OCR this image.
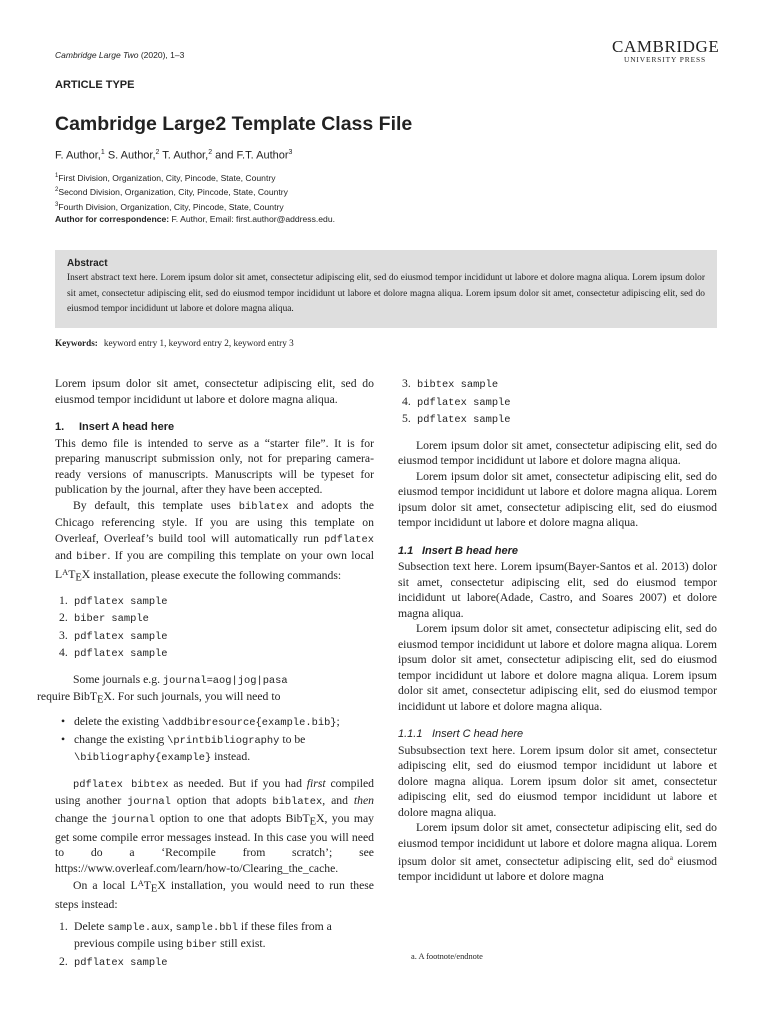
Cambridge Large Two (2020), 1–3	CAMBRIDGE
UNIVERSITY PRESS
ARTICLE TYPE
Cambridge Large2 Template Class File
F. Author,$^1$ S. Author,$^2$ T. Author,$^2$ and F.T. Author$^3$
$^1$First Division, Organization, City, Pincode, State, Country
$^2$Second Division, Organization, City, Pincode, State, Country
$^3$Fourth Division, Organization, City, Pincode, State, Country
Author for correspondence: F. Author, Email: first.author@address.edu.
Abstract
Insert abstract text here. Lorem ipsum dolor sit amet, consectetur adipiscing elit, sed do eiusmod tempor incididunt ut labore et dolore magna aliqua. Lorem ipsum dolor sit amet, consectetur adipiscing elit, sed do eiusmod tempor incididunt ut labore et dolore magna aliqua. Lorem ipsum dolor sit amet, consectetur adipiscing elit, sed do eiusmod tempor incididunt ut labore et dolore magna aliqua.
Keywords: keyword entry 1, keyword entry 2, keyword entry 3

Lorem ipsum dolor sit amet, consectetur adipiscing elit, sed do eiusmod tempor incididunt ut labore et dolore magna aliqua.

1. Insert A head here

This demo file is intended to serve as a “starter file”. It is for preparing manuscript submission only, not for preparing camera-ready versions of manuscripts. Manuscripts will be typeset for publication by the journal, after they have been accepted.

By default, this template uses biblatex and adopts the Chicago referencing style. If you are using this template on Overleaf, Overleaf’s build tool will automatically run pdflatex and biber. If you are compiling this template on your own local $L^AT_EX$ installation, please execute the following commands:

1. pdflatex sample
2. biber sample
3. pdflatex sample
4. pdflatex sample

Some journals e.g. journal=aog|jog|pasa
require BibT$_E$X. For such journals, you will need to

• delete the existing \addbibresource{example.bib};
• change the existing \printbibliography to be \bibliography{example} instead.

pdflatex bibtex as needed. But if you had first compiled using another journal option that adopts biblatex, and then change the journal option to one that adopts BibT$_E$X, you may get some compile error messages instead. In this case you will need to do a ‘Recompile from scratch’; see https://www.overleaf.com/learn/how-to/Clearing_the_cache.

On a local $L^AT_EX$ installation, you would need to run these steps instead:

1. Delete sample.aux, sample.bbl if these files from a previous compile using biber still exist.
2. pdflatex sample
3. bibtex sample
4. pdflatex sample
5. pdflatex sample

Lorem ipsum dolor sit amet, consectetur adipiscing elit, sed do eiusmod tempor incididunt ut labore et dolore magna aliqua.

Lorem ipsum dolor sit amet, consectetur adipiscing elit, sed do eiusmod tempor incididunt ut labore et dolore magna aliqua. Lorem ipsum dolor sit amet, consectetur adipiscing elit, sed do eiusmod tempor incididunt ut labore et dolore magna aliqua.

1.1 Insert B head here

Subsection text here. Lorem ipsum(Bayer-Santos et al. 2013) dolor sit amet, consectetur adipiscing elit, sed do eiusmod tempor incididunt ut labore(Adade, Castro, and Soares 2007) et dolore magna aliqua.

Lorem ipsum dolor sit amet, consectetur adipiscing elit, sed do eiusmod tempor incididunt ut labore et dolore magna aliqua. Lorem ipsum dolor sit amet, consectetur adipiscing elit, sed do eiusmod tempor incididunt ut labore et dolore magna aliqua. Lorem ipsum dolor sit amet, consectetur adipiscing elit, sed do eiusmod tempor incididunt ut labore et dolore magna aliqua.

1.1.1 Insert C head here

Subsubsection text here. Lorem ipsum dolor sit amet, consectetur adipiscing elit, sed do eiusmod tempor incididunt ut labore et dolore magna aliqua. Lorem ipsum dolor sit amet, consectetur adipiscing elit, sed do eiusmod tempor incididunt ut labore et dolore magna aliqua.

Lorem ipsum dolor sit amet, consectetur adipiscing elit, sed do eiusmod tempor incididunt ut labore et dolore magna aliqua. Lorem ipsum dolor sit amet, consectetur adipiscing elit, sed $do^a$ eiusmod tempor incididunt ut labore et dolore magna

a. A footnote/endnote
